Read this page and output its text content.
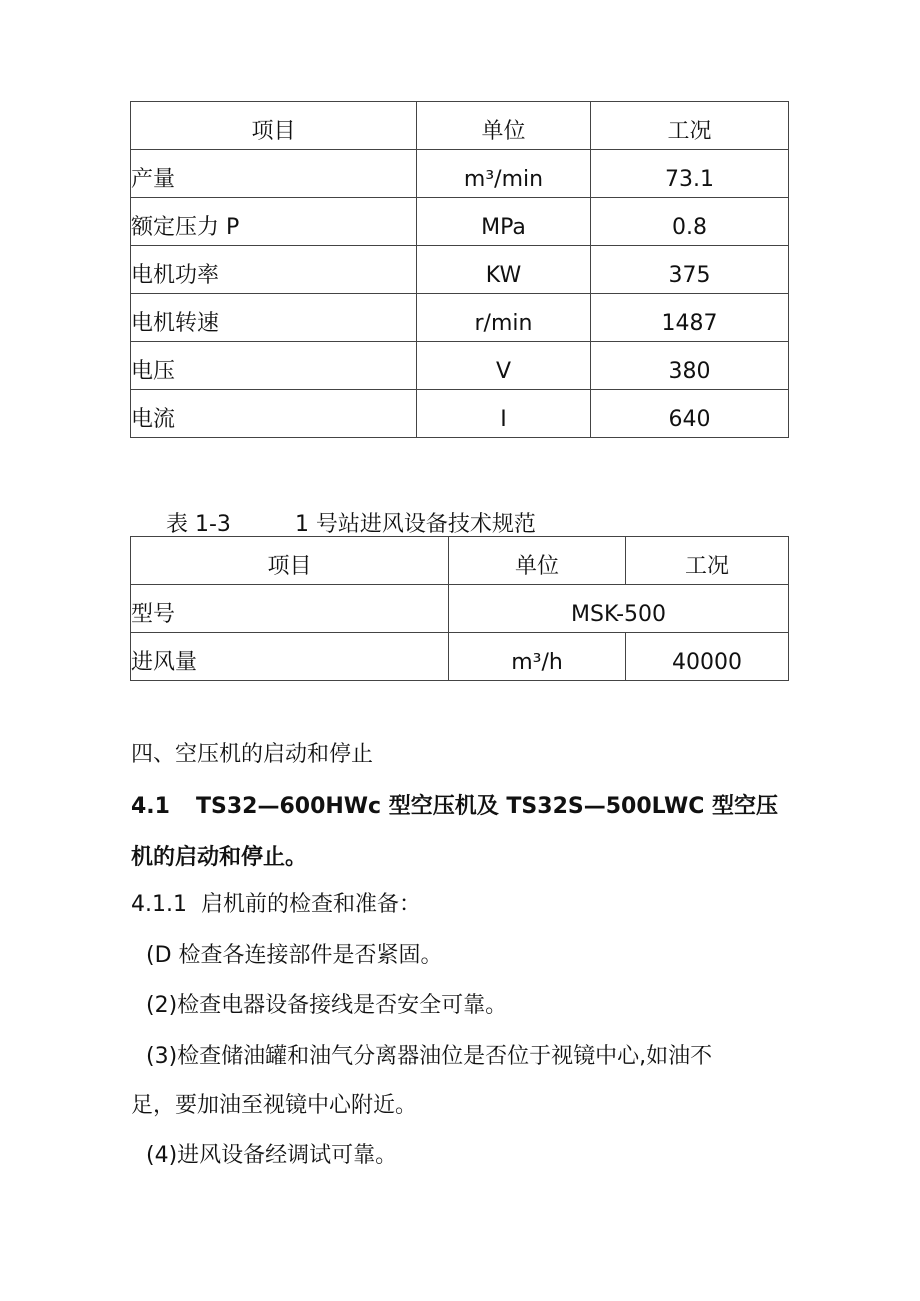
项目	单位	工况
产量	m³/min	73.1
额定压力 P	MPa	0.8
电机功率	KW	375
电机转速	r/min	1487
电压	V	380
电流	I	640
表 1-3	1 号站进风设备技术规范
项目	单位	工况
型号	MSK-500	
进风量	m³/h	40000
四、空压机的启动和停止
4.1 TS32—600HWc 型空压机及 TS32S—500LWC 型空压
机的启动和停止。
4.1.1 启机前的检查和准备：
(D 检查各连接部件是否紧固。
(2)检查电器设备接线是否安全可靠。
(3)检查储油罐和油气分离器油位是否位于视镜中心,如油不
足，要加油至视镜中心附近。
(4)进风设备经调试可靠。
